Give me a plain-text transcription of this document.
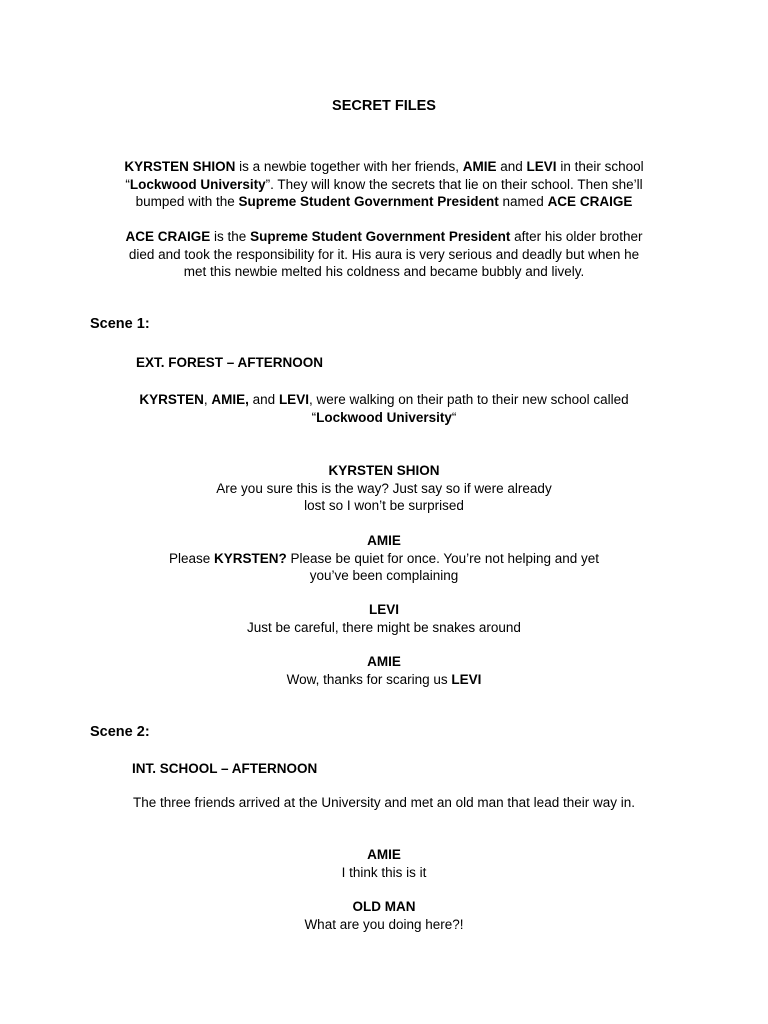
SECRET FILES
KYRSTEN SHION is a newbie together with her friends, AMIE and LEVI in their school
“Lockwood University”. They will know the secrets that lie on their school. Then she’ll
bumped with the Supreme Student Government President named ACE CRAIGE
ACE CRAIGE is the Supreme Student Government President after his older brother
died and took the responsibility for it. His aura is very serious and deadly but when he
met this newbie melted his coldness and became bubbly and lively.
Scene 1:
EXT. FOREST – AFTERNOON
KYRSTEN, AMIE, and LEVI, were walking on their path to their new school called
“Lockwood University“
KYRSTEN SHION
Are you sure this is the way? Just say so if were already
lost so I won’t be surprised
AMIE
Please KYRSTEN? Please be quiet for once. You’re not helping and yet
you’ve been complaining
LEVI
Just be careful, there might be snakes around
AMIE
Wow, thanks for scaring us LEVI
Scene 2:
INT. SCHOOL – AFTERNOON
The three friends arrived at the University and met an old man that lead their way in.
AMIE
I think this is it
OLD MAN
What are you doing here?!
